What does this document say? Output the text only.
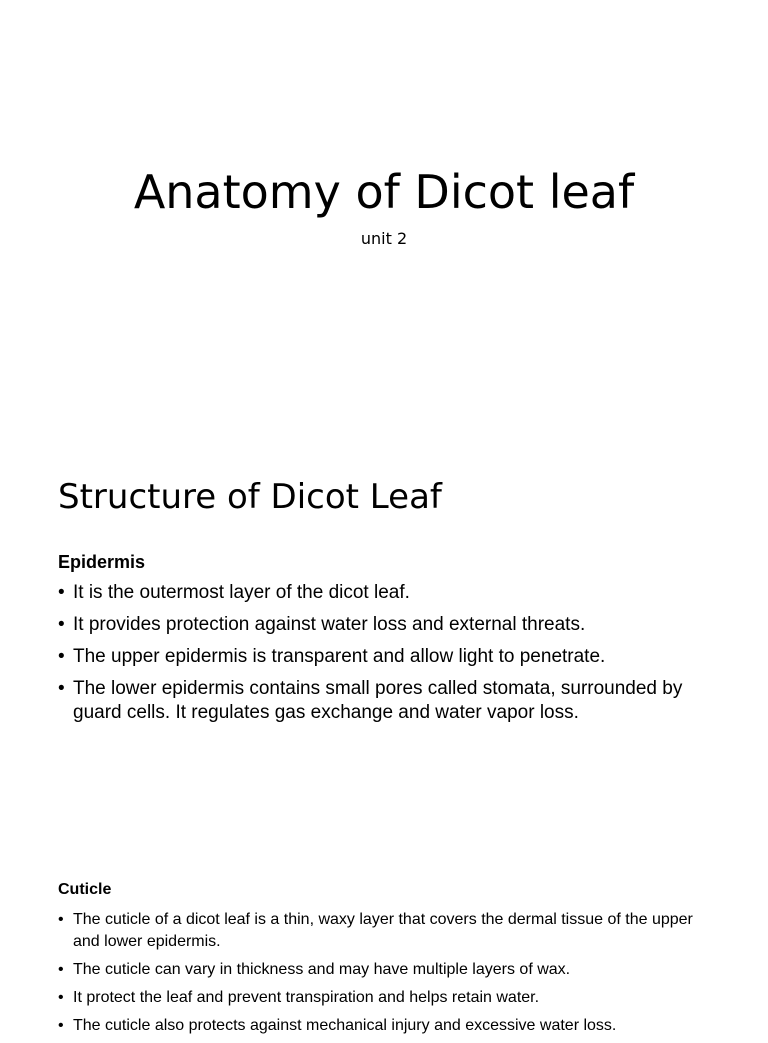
Anatomy of Dicot leaf
unit 2
Structure of Dicot Leaf

Epidermis

• It is the outermost layer of the dicot leaf.
• It provides protection against water loss and external threats.
• The upper epidermis is transparent and allow light to penetrate.
• The lower epidermis contains small pores called stomata, surrounded by guard cells. It regulates gas exchange and water vapor loss.

Cuticle

• The cuticle of a dicot leaf is a thin, waxy layer that covers the dermal tissue of the upper and lower epidermis.
• The cuticle can vary in thickness and may have multiple layers of wax.
• It protect the leaf and prevent transpiration and helps retain water.
• The cuticle also protects against mechanical injury and excessive water loss.
